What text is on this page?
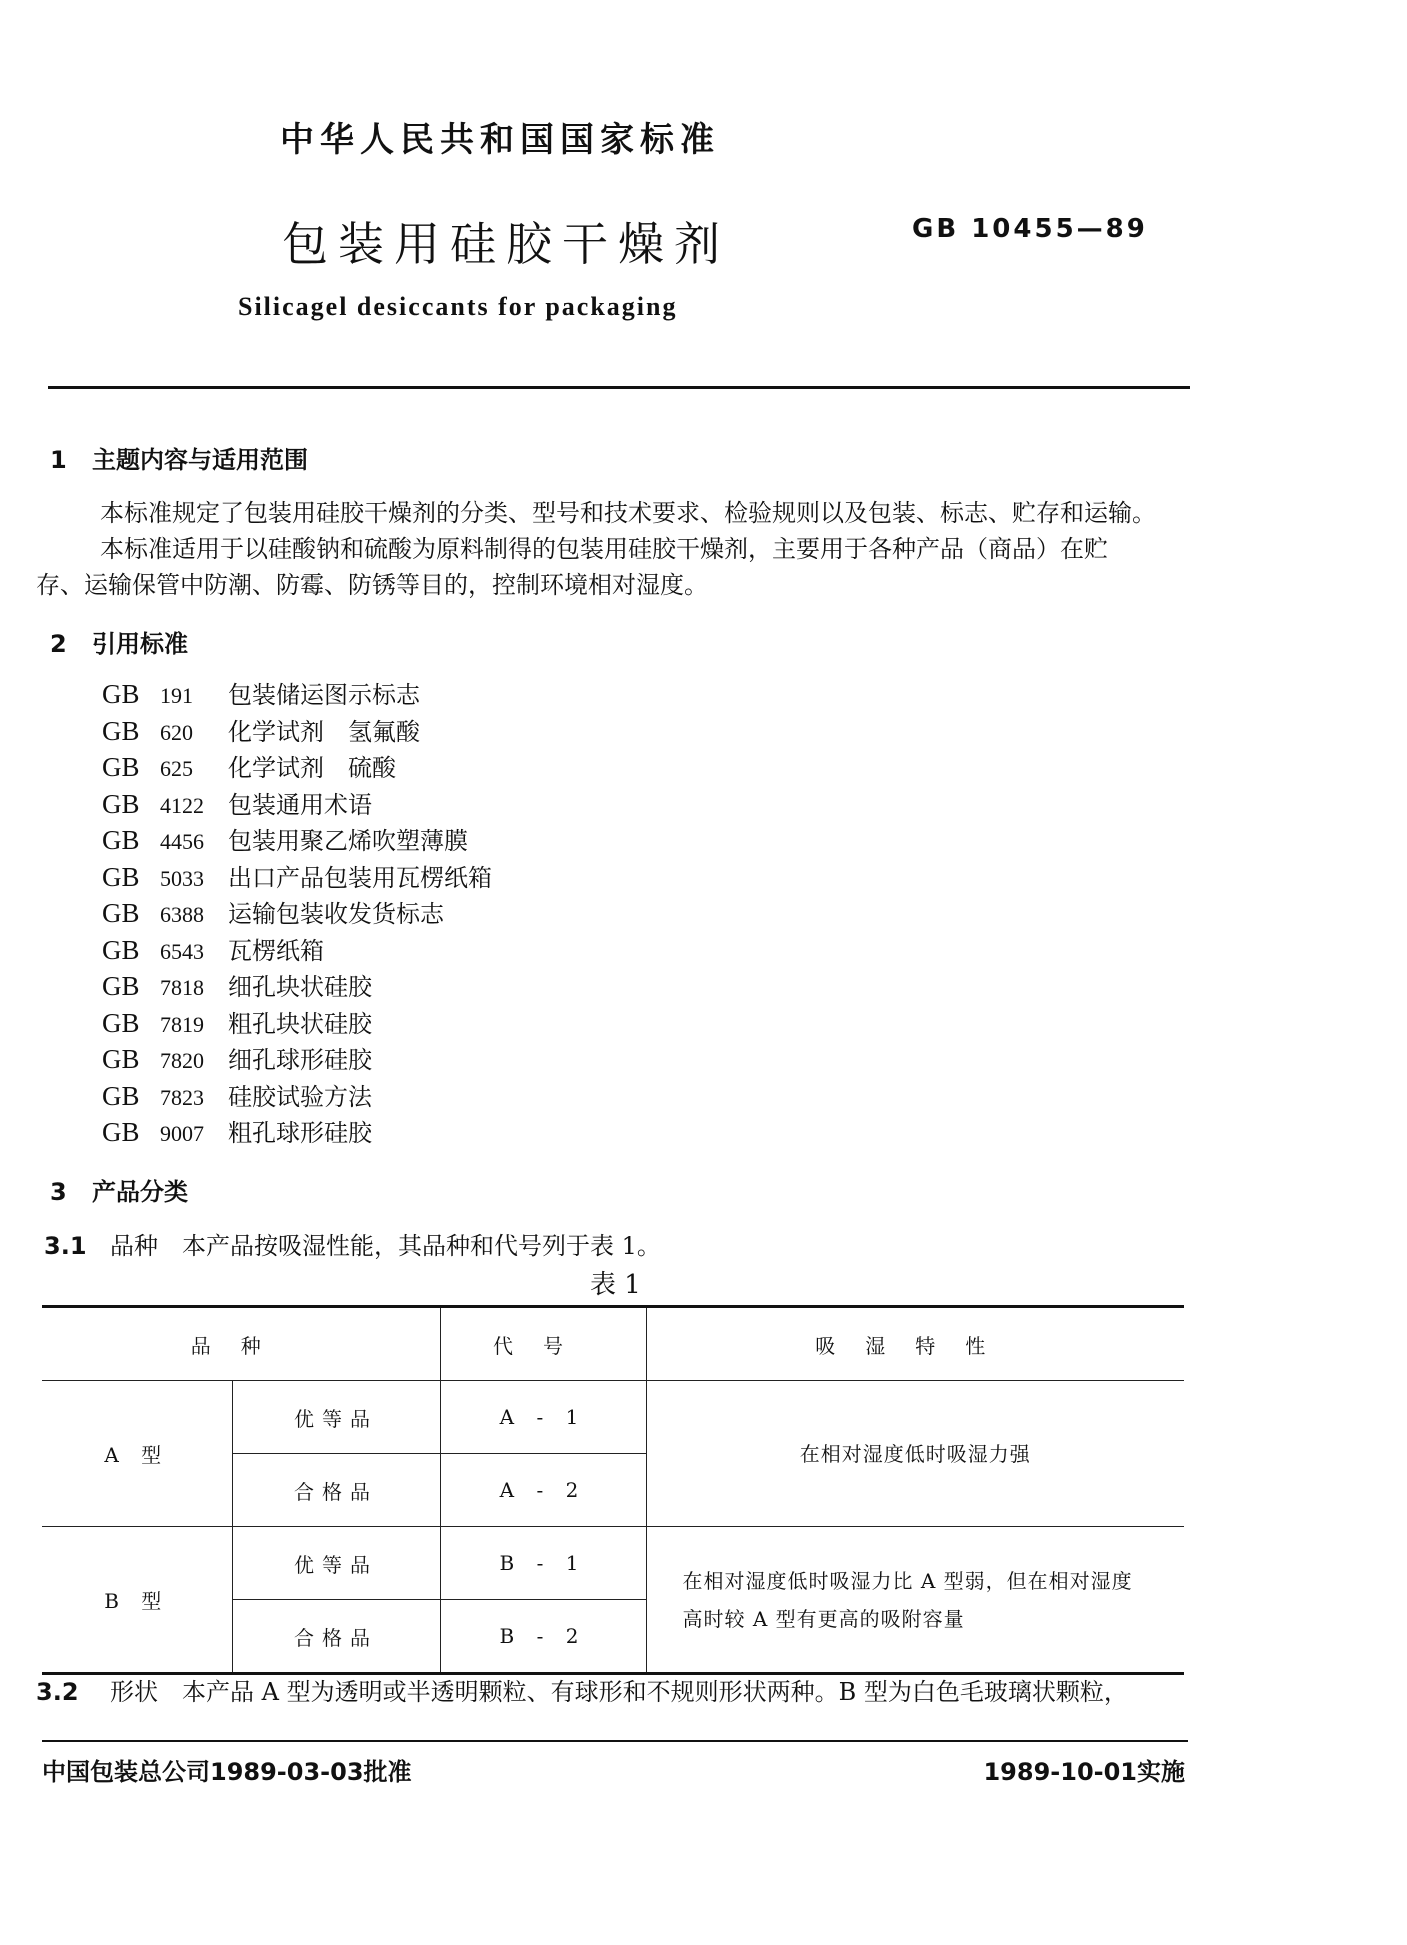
中华人民共和国国家标准
包装用硅胶干燥剂	GB 10455—89
Silicagel desiccants for packaging
1 主题内容与适用范围
本标准规定了包装用硅胶干燥剂的分类、型号和技术要求、检验规则以及包装、标志、贮存和运输。
本标准适用于以硅酸钠和硫酸为原料制得的包装用硅胶干燥剂，主要用于各种产品（商品）在贮
存、运输保管中防潮、防霉、防锈等目的，控制环境相对湿度。
2 引用标准
GB 191 包装储运图示标志
GB 620 化学试剂　氢氟酸
GB 625 化学试剂　硫酸
GB 4122 包装通用术语
GB 4456 包装用聚乙烯吹塑薄膜
GB 5033 出口产品包装用瓦楞纸箱
GB 6388 运输包装收发货标志
GB 6543 瓦楞纸箱
GB 7818 细孔块状硅胶
GB 7819 粗孔块状硅胶
GB 7820 细孔球形硅胶
GB 7823 硅胶试验方法
GB 9007 粗孔球形硅胶
3 产品分类
3.1 品种　本产品按吸湿性能，其品种和代号列于表 1。
表 1
品种		代号	吸湿特性
A 型	优等品	A - 1	在相对湿度低时吸湿力强
	合格品	A - 2	
B 型	优等品	B - 1	在相对湿度低时吸湿力比 A 型弱，但在相对湿度高时较 A 型有更高的吸附容量
	合格品	B - 2	
3.2 形状　本产品 A 型为透明或半透明颗粒、有球形和不规则形状两种。B 型为白色毛玻璃状颗粒，
中国包装总公司1989-03-03批准	1989-10-01实施
